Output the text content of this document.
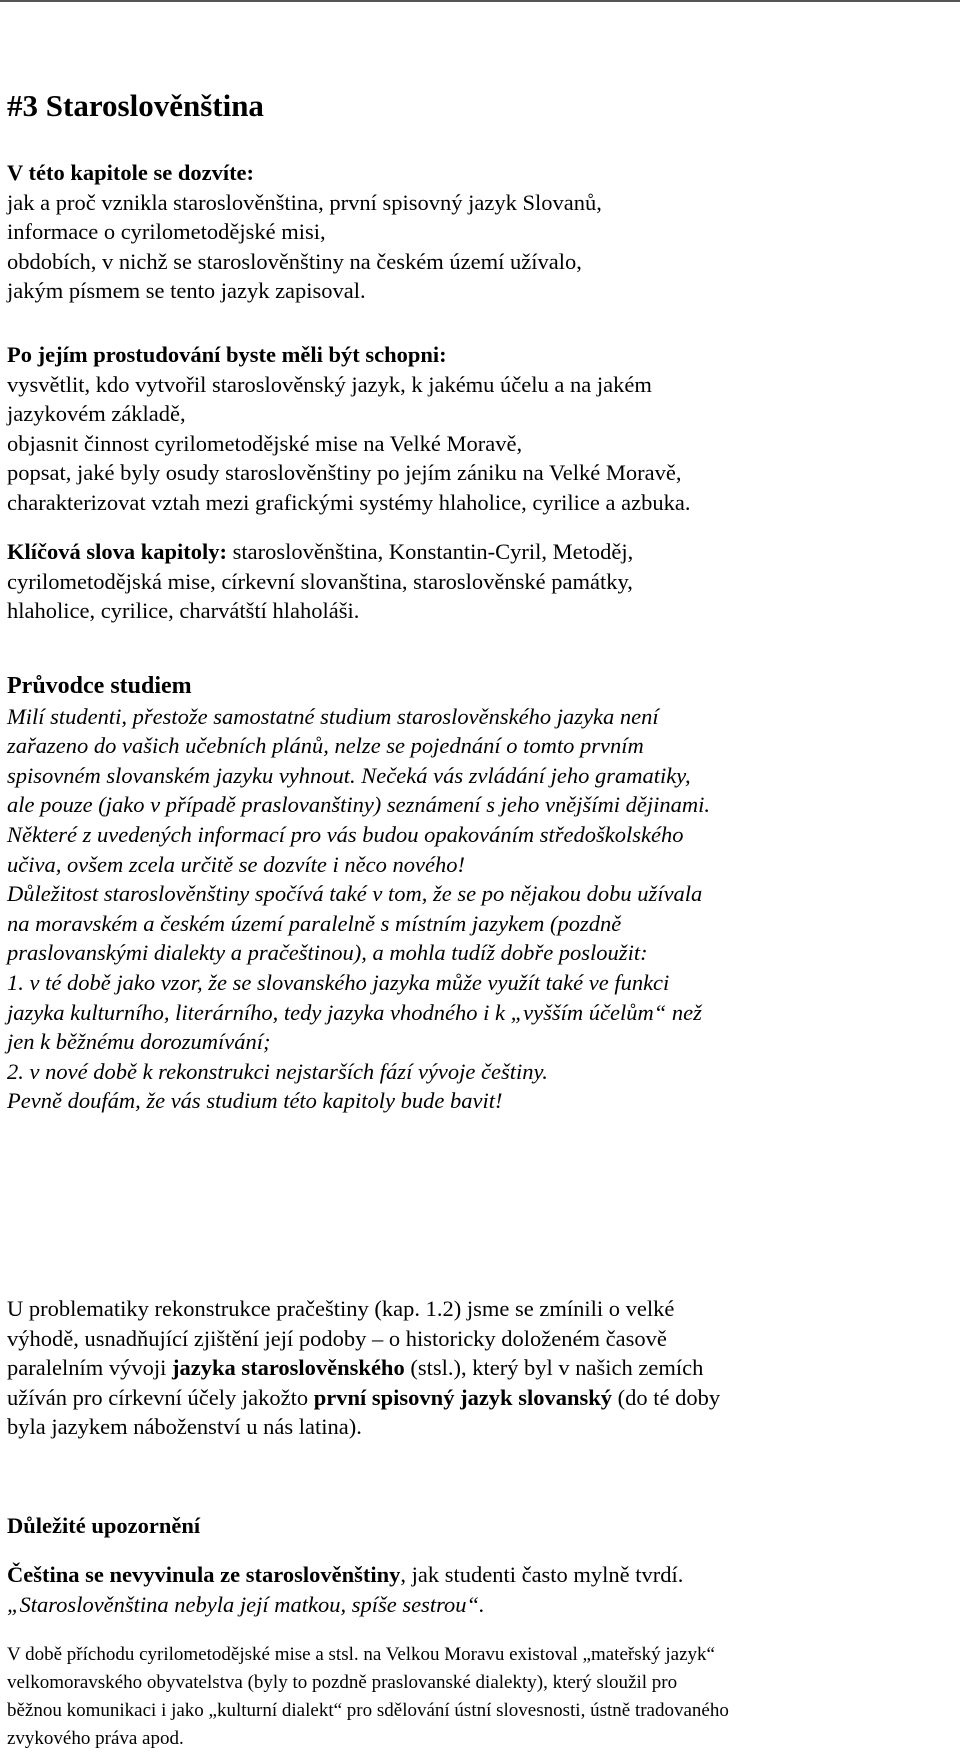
#3 Staroslověnština
V této kapitole se dozvíte:
jak a proč vznikla staroslověnština, první spisovný jazyk Slovanů,
informace o cyrilometodějské misi,
obdobích, v nichž se staroslověnštiny na českém území užívalo,
jakým písmem se tento jazyk zapisoval.
Po jejím prostudování byste měli být schopni:
vysvětlit, kdo vytvořil staroslověnský jazyk, k jakému účelu a na jakém
jazykovém základě,
objasnit činnost cyrilometodějské mise na Velké Moravě,
popsat, jaké byly osudy staroslověnštiny po jejím zániku na Velké Moravě,
charakterizovat vztah mezi grafickými systémy hlaholice, cyrilice a azbuka.
Klíčová slova kapitoly: staroslověnština, Konstantin-Cyril, Metoděj,
cyrilometodějská mise, církevní slovanština, staroslověnské památky,
hlaholice, cyrilice, charvátští hlaholáši.
Průvodce studiem
Milí studenti, přestože samostatné studium staroslověnského jazyka není
zařazeno do vašich učebních plánů, nelze se pojednání o tomto prvním
spisovném slovanském jazyku vyhnout. Nečeká vás zvládání jeho gramatiky,
ale pouze (jako v případě praslovanštiny) seznámení s jeho vnějšími dějinami.
Některé z uvedených informací pro vás budou opakováním středoškolského
učiva, ovšem zcela určitě se dozvíte i něco nového!
Důležitost staroslověnštiny spočívá také v tom, že se po nějakou dobu užívala
na moravském a českém území paralelně s místním jazykem (pozdně
praslovanskými dialekty a pračeštinou), a mohla tudíž dobře posloužit:
1. v té době jako vzor, že se slovanského jazyka může využít také ve funkci
jazyka kulturního, literárního, tedy jazyka vhodného i k „vyšším účelům“ než
jen k běžnému dorozumívání;
2. v nové době k rekonstrukci nejstarších fází vývoje češtiny.
Pevně doufám, že vás studium této kapitoly bude bavit!
U problematiky rekonstrukce pračeštiny (kap. 1.2) jsme se zmínili o velké
výhodě, usnadňující zjištění její podoby – o historicky doloženém časově
paralelním vývoji jazyka staroslověnského (stsl.), který byl v našich zemích
užíván pro církevní účely jakožto první spisovný jazyk slovanský (do té doby
byla jazykem náboženství u nás latina).
Důležité upozornění
Čeština se nevyvinula ze staroslověnštiny, jak studenti často mylně tvrdí.
„Staroslověnština nebyla její matkou, spíše sestrou“.
V době příchodu cyrilometodějské mise a stsl. na Velkou Moravu existoval „mateřský jazyk“
velkomoravského obyvatelstva (byly to pozdně praslovanské dialekty), který sloužil pro
běžnou komunikaci i jako „kulturní dialekt“ pro sdělování ústní slovesnosti, ústně tradovaného
zvykového práva apod.
